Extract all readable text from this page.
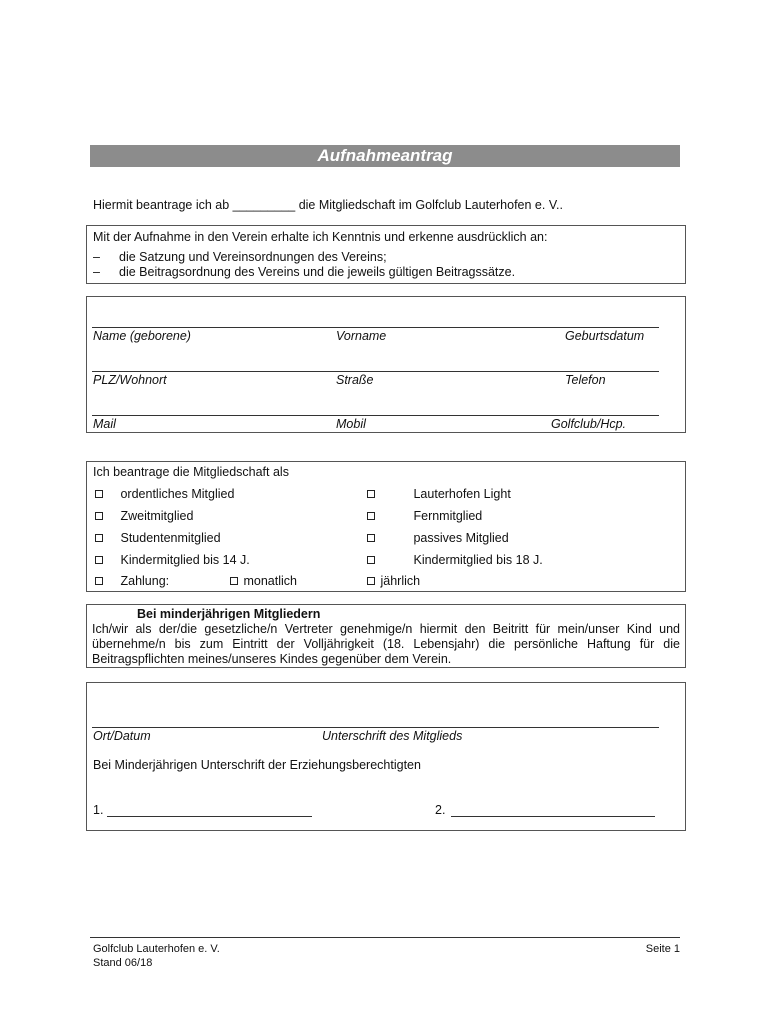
Aufnahmeantrag
Hiermit beantrage ich ab _________ die Mitgliedschaft im Golfclub Lauterhofen e. V..
Mit der Aufnahme in den Verein erhalte ich Kenntnis und erkenne ausdrücklich an:
– die Satzung und Vereinsordnungen des Vereins;
– die Beitragsordnung des Vereins und die jeweils gültigen Beitragssätze.
Name (geborene)	Vorname	Geburtsdatum
PLZ/Wohnort	Straße	Telefon
Mail	Mobil	Golfclub/Hcp.
Ich beantrage die Mitgliedschaft als
ordentliches Mitglied	Lauterhofen Light
Zweitmitglied	Fernmitglied
Studentenmitglied	passives Mitglied
Kindermitglied bis 14 J.	Kindermitglied bis 18 J.
Zahlung:	monatlich	jährlich
Bei minderjährigen Mitgliedern
Ich/wir als der/die gesetzliche/n Vertreter genehmige/n hiermit den Beitritt für mein/unser Kind und übernehme/n bis zum Eintritt der Volljährigkeit (18. Lebensjahr) die persönliche Haftung für die Beitragspflichten meines/unseres Kindes gegenüber dem Verein.
Ort/Datum	Unterschrift des Mitglieds
Bei Minderjährigen Unterschrift der Erziehungsberechtigten
1.	2.
Golfclub Lauterhofen e. V.
Stand 06/18
Seite 1
